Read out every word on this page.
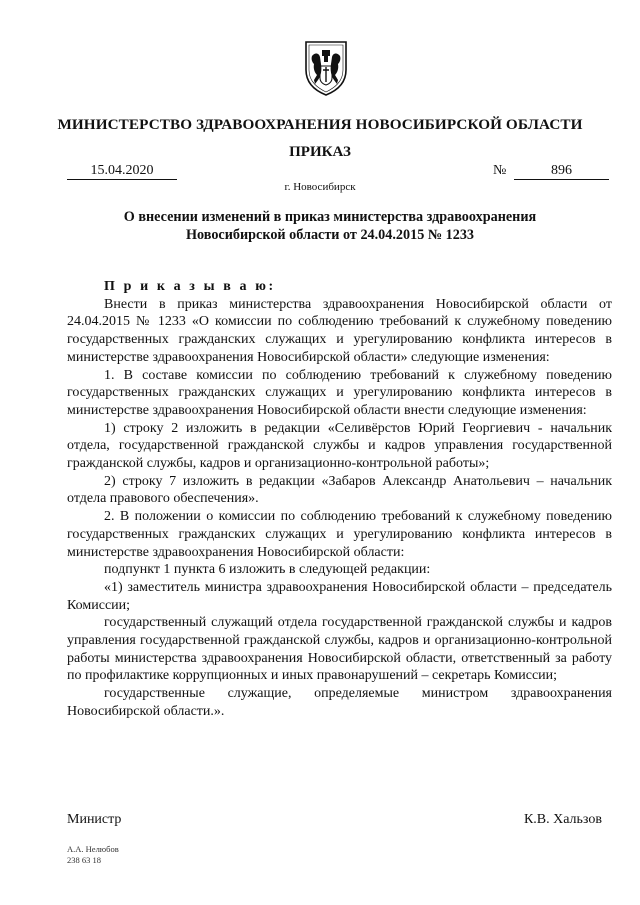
МИНИСТЕРСТВО ЗДРАВООХРАНЕНИЯ НОВОСИБИРСКОЙ ОБЛАСТИ
ПРИКАЗ
15.04.2020	№	896
г. Новосибирск
О внесении изменений в приказ министерства здравоохранения
Новосибирской области от 24.04.2015 № 1233

П р и к а з ы в а ю:

Внести в приказ министерства здравоохранения Новосибирской области от 24.04.2015 № 1233 «О комиссии по соблюдению требований к служебному поведению государственных гражданских служащих и урегулированию конфликта интересов в министерстве здравоохранения Новосибирской области» следующие изменения:

1. В составе комиссии по соблюдению требований к служебному поведению государственных гражданских служащих и урегулированию конфликта интересов в министерстве здравоохранения Новосибирской области внести следующие изменения:

1) строку 2 изложить в редакции «Селивёрстов Юрий Георгиевич - начальник отдела, государственной гражданской службы и кадров управления государственной гражданской службы, кадров и организационно-контрольной работы»;

2) строку 7 изложить в редакции «Забаров Александр Анатольевич – начальник отдела правового обеспечения».

2. В положении о комиссии по соблюдению требований к служебному поведению государственных гражданских служащих и урегулированию конфликта интересов в министерстве здравоохранения Новосибирской области:

подпункт 1 пункта 6 изложить в следующей редакции:

«1) заместитель министра здравоохранения Новосибирской области – председатель Комиссии;

государственный служащий отдела государственной гражданской службы и кадров управления государственной гражданской службы, кадров и организационно-контрольной работы министерства здравоохранения Новосибирской области, ответственный за работу по профилактике коррупционных и иных правонарушений – секретарь Комиссии;

государственные служащие, определяемые министром здравоохранения Новосибирской области.».

Министр	К.В. Хальзов
А.А. Нелюбов
238 63 18
